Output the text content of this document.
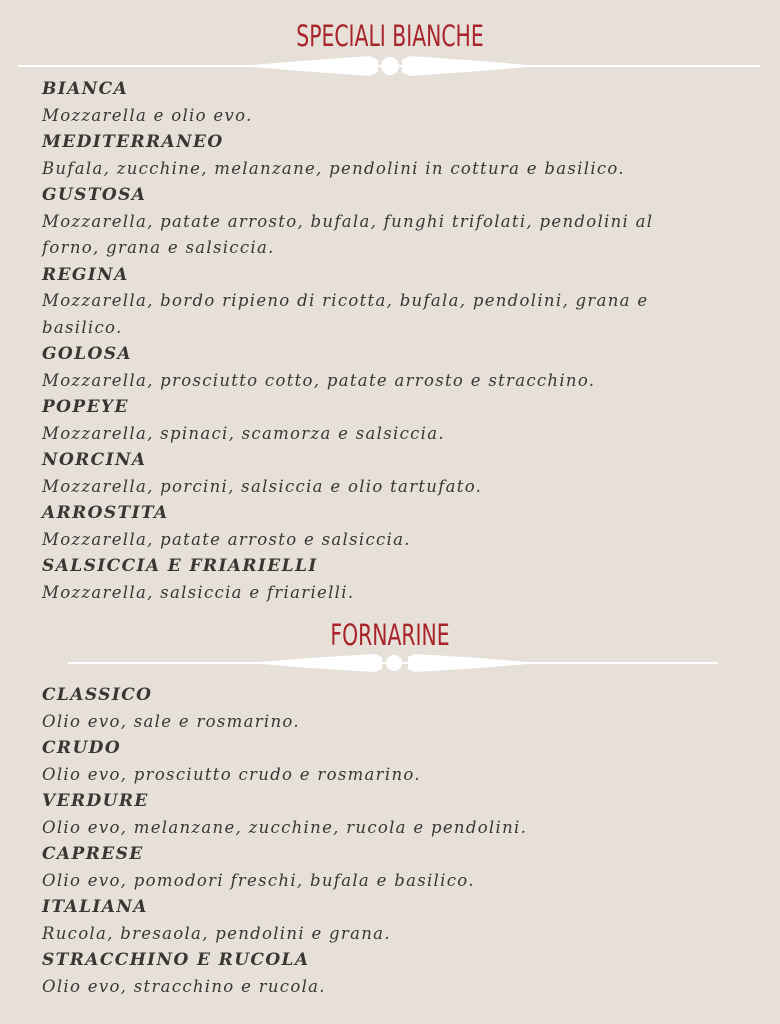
SPECIALI BIANCHE
BIANCA
Mozzarella e olio evo.
MEDITERRANEO
Bufala, zucchine, melanzane, pendolini in cottura e basilico.
GUSTOSA
Mozzarella, patate arrosto, bufala, funghi trifolati, pendolini al forno, grana e salsiccia.
REGINA
Mozzarella, bordo ripieno di ricotta, bufala, pendolini, grana e basilico.
GOLOSA
Mozzarella, prosciutto cotto, patate arrosto e stracchino.
POPEYE
Mozzarella, spinaci, scamorza e salsiccia.
NORCINA
Mozzarella, porcini, salsiccia e olio tartufato.
ARROSTITA
Mozzarella, patate arrosto e salsiccia.
SALSICCIA E FRIARIELLI
Mozzarella, salsiccia e friarielli.
FORNARINE
CLASSICO
Olio evo, sale e rosmarino.
CRUDO
Olio evo, prosciutto crudo e rosmarino.
VERDURE
Olio evo, melanzane, zucchine, rucola e pendolini.
CAPRESE
Olio evo, pomodori freschi, bufala e basilico.
ITALIANA
Rucola, bresaola, pendolini e grana.
STRACCHINO E RUCOLA
Olio evo, stracchino e rucola.
